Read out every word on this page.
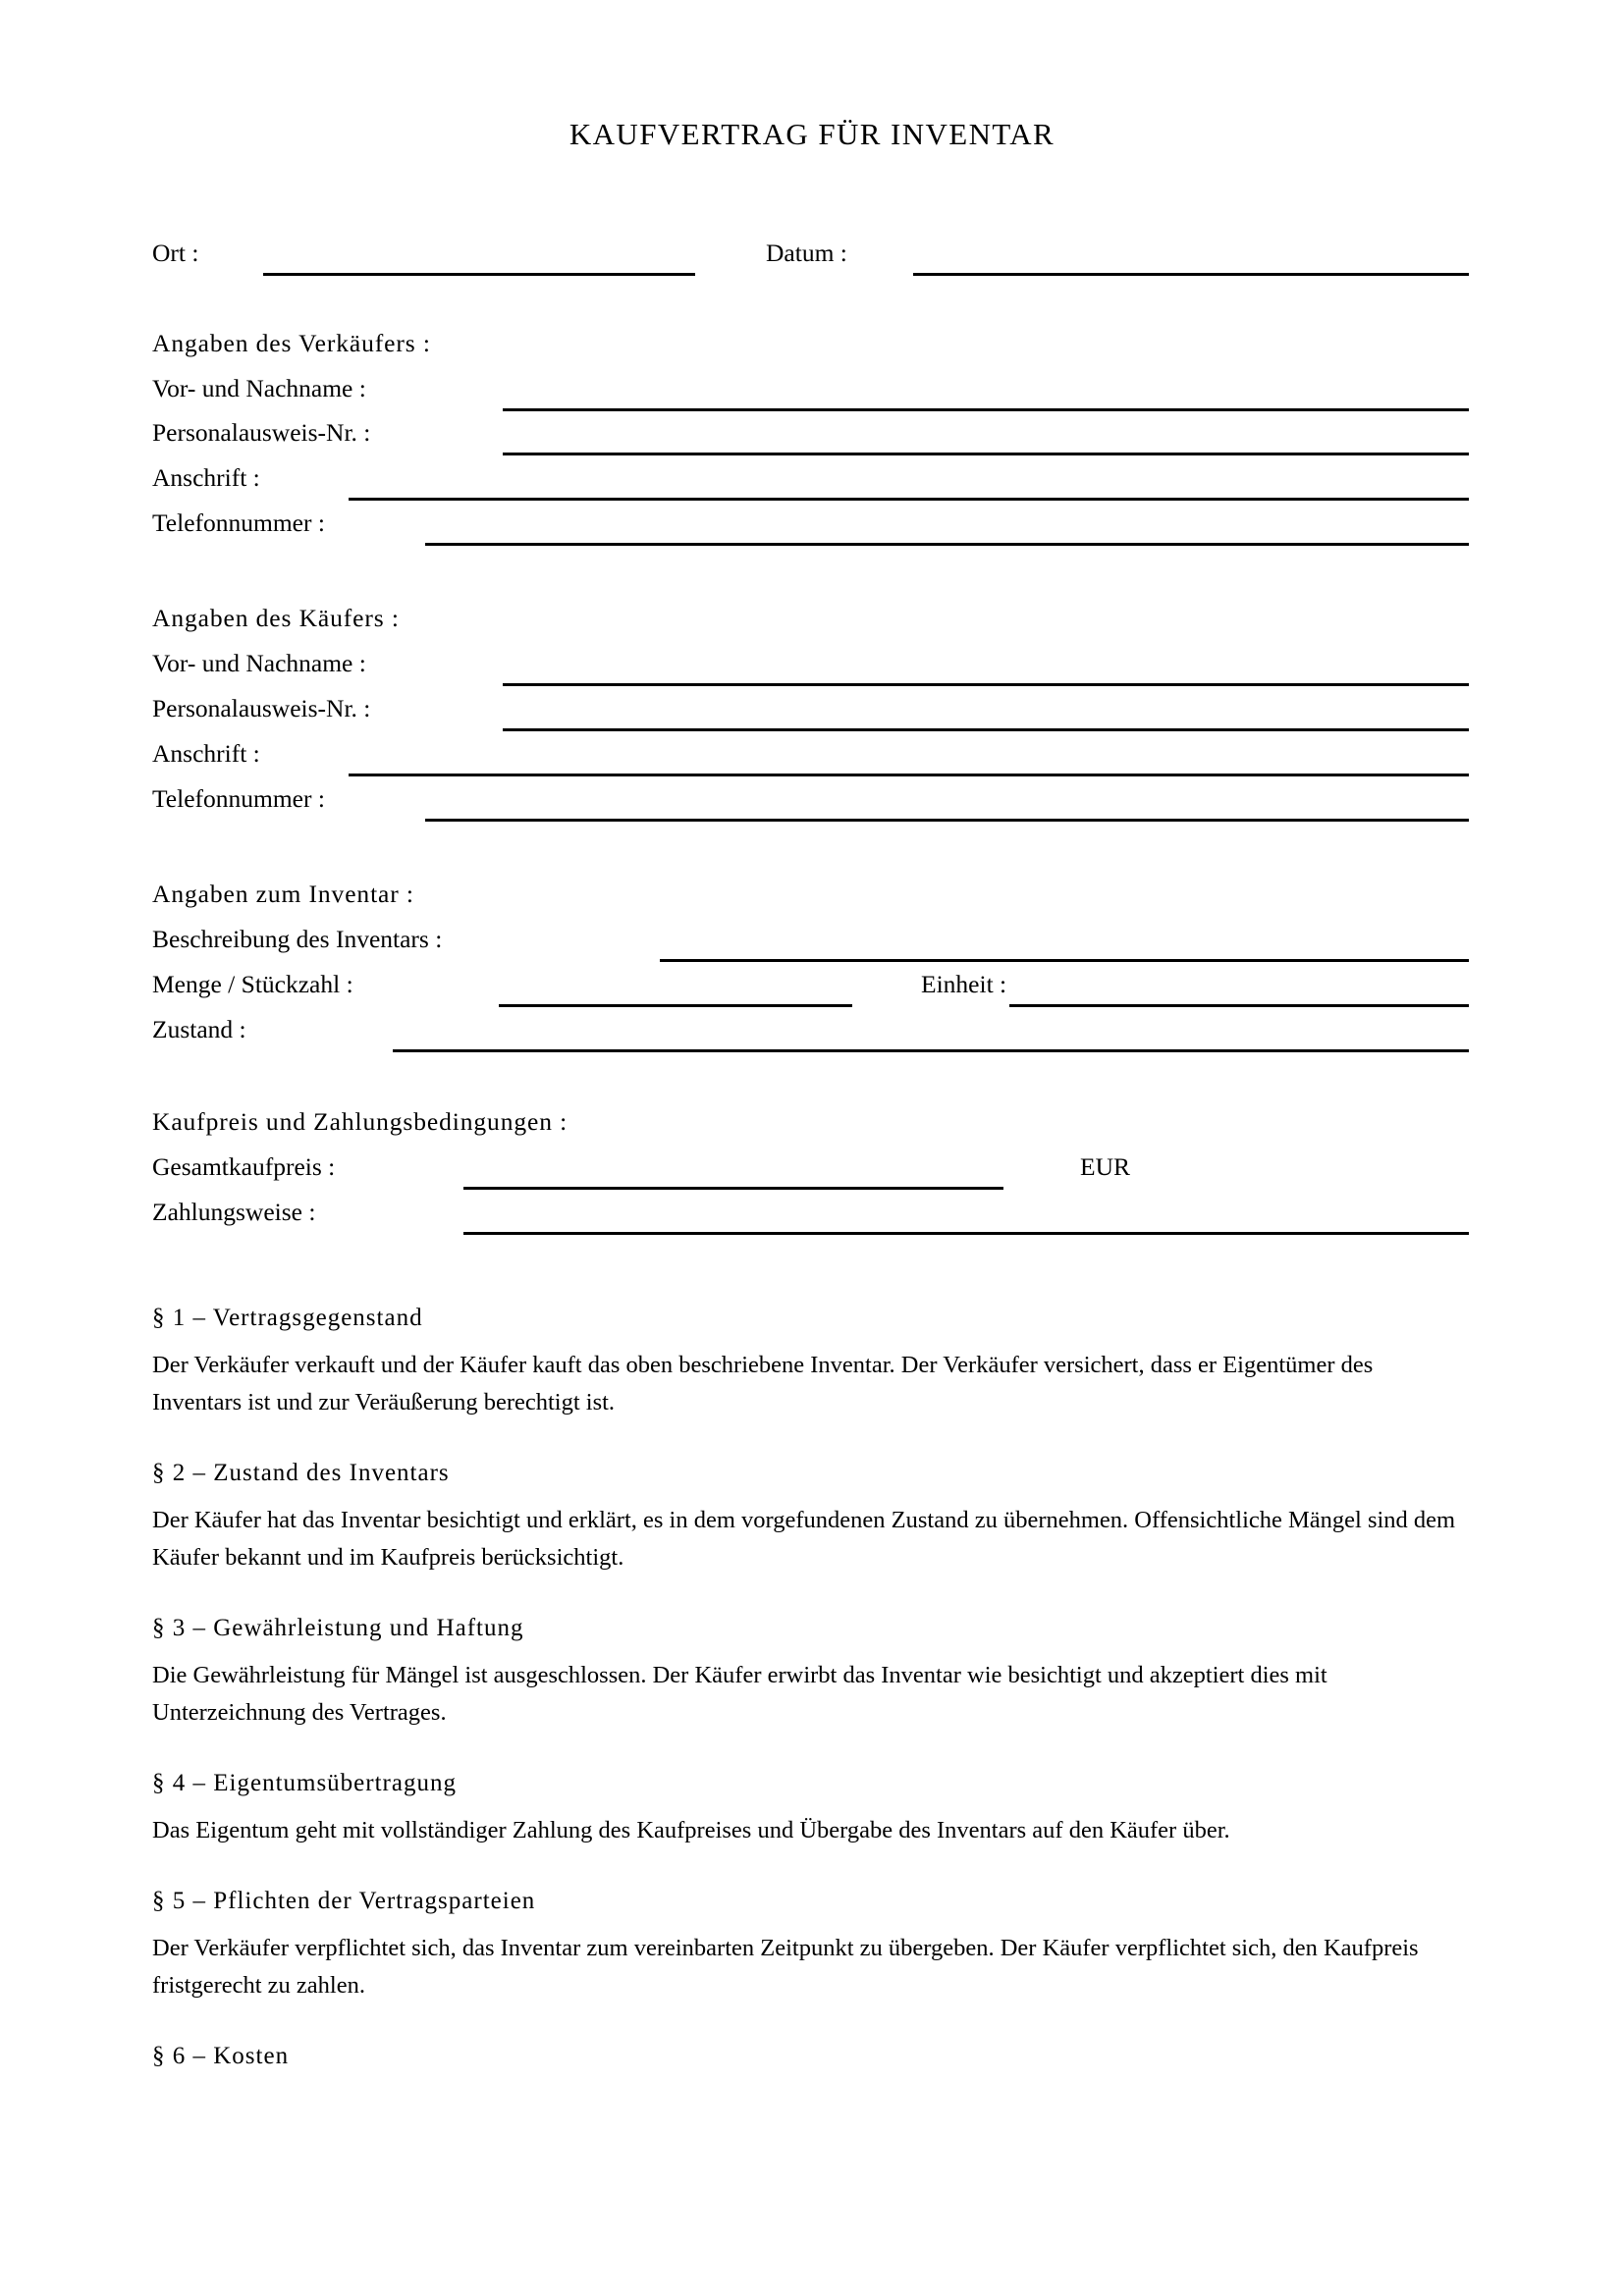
KAUFVERTRAG FÜR INVENTAR
Ort :	Datum :
Angaben des Verkäufers :
Vor- und Nachname :
Personalausweis-Nr. :
Anschrift :
Telefonnummer :
Angaben des Käufers :
Vor- und Nachname :
Personalausweis-Nr. :
Anschrift :
Telefonnummer :
Angaben zum Inventar :
Beschreibung des Inventars :
Menge / Stückzahl :	Einheit :
Zustand :
Kaufpreis und Zahlungsbedingungen :
Gesamtkaufpreis :	EUR
Zahlungsweise :
§ 1 – Vertragsgegenstand
Der Verkäufer verkauft und der Käufer kauft das oben beschriebene Inventar. Der Verkäufer versichert, dass er Eigentümer des Inventars ist und zur Veräußerung berechtigt ist.
§ 2 – Zustand des Inventars
Der Käufer hat das Inventar besichtigt und erklärt, es in dem vorgefundenen Zustand zu übernehmen. Offensichtliche Mängel sind dem Käufer bekannt und im Kaufpreis berücksichtigt.
§ 3 – Gewährleistung und Haftung
Die Gewährleistung für Mängel ist ausgeschlossen. Der Käufer erwirbt das Inventar wie besichtigt und akzeptiert dies mit Unterzeichnung des Vertrages.
§ 4 – Eigentumsübertragung
Das Eigentum geht mit vollständiger Zahlung des Kaufpreises und Übergabe des Inventars auf den Käufer über.
§ 5 – Pflichten der Vertragsparteien
Der Verkäufer verpflichtet sich, das Inventar zum vereinbarten Zeitpunkt zu übergeben. Der Käufer verpflichtet sich, den Kaufpreis fristgerecht zu zahlen.
§ 6 – Kosten
